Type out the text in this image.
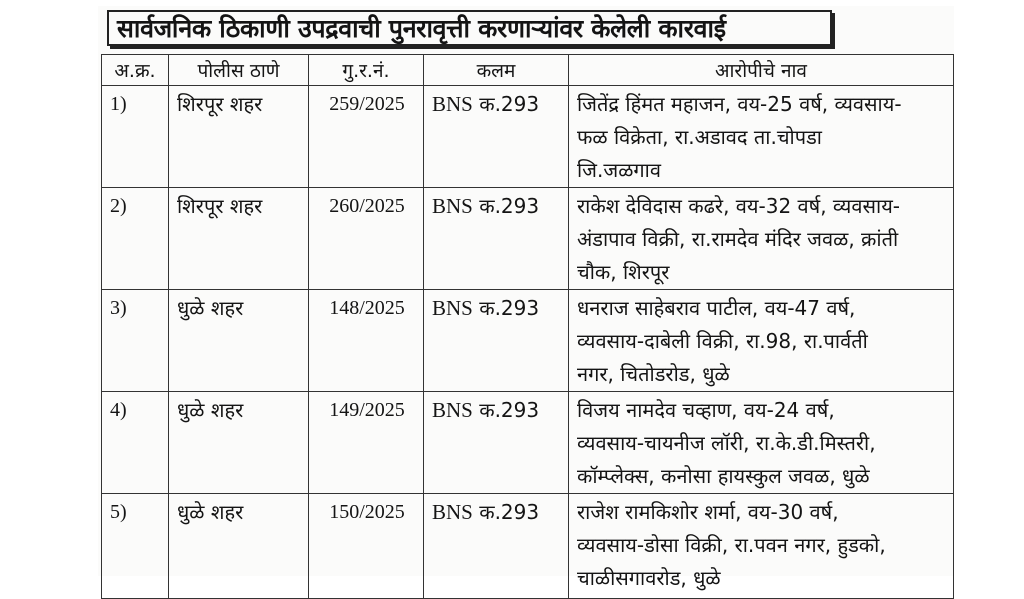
सार्वजनिक ठिकाणी उपद्रवाची पुनरावृत्ती करणाऱ्यांवर केलेली कारवाई
अ.क्र.	पोलीस ठाणे	गु.र.नं.	कलम	आरोपीचे नाव
1)	शिरपूर शहर	259/2025	BNS क.293	जितेंद्र हिंमत महाजन, वय-25 वर्ष, व्यवसाय-
फळ विक्रेता, रा.अडावद ता.चोपडा
जि.जळगाव

2)	शिरपूर शहर	260/2025	BNS क.293	राकेश देविदास कढरे, वय-32 वर्ष, व्यवसाय-
अंडापाव विक्री, रा.रामदेव मंदिर जवळ, क्रांती
चौक, शिरपूर

3)	धुळे शहर	148/2025	BNS क.293	धनराज साहेबराव पाटील, वय-47 वर्ष,
व्यवसाय-दाबेली विक्री, रा.98, रा.पार्वती
नगर, चितोडरोड, धुळे

4)	धुळे शहर	149/2025	BNS क.293	विजय नामदेव चव्हाण, वय-24 वर्ष,
व्यवसाय-चायनीज लॉरी, रा.के.डी.मिस्तरी,
कॉम्प्लेक्स, कनोसा हायस्कुल जवळ, धुळे

5)	धुळे शहर	150/2025	BNS क.293	राजेश रामकिशोर शर्मा, वय-30 वर्ष,
व्यवसाय-डोसा विक्री, रा.पवन नगर, हुडको,
चाळीसगावरोड, धुळे
